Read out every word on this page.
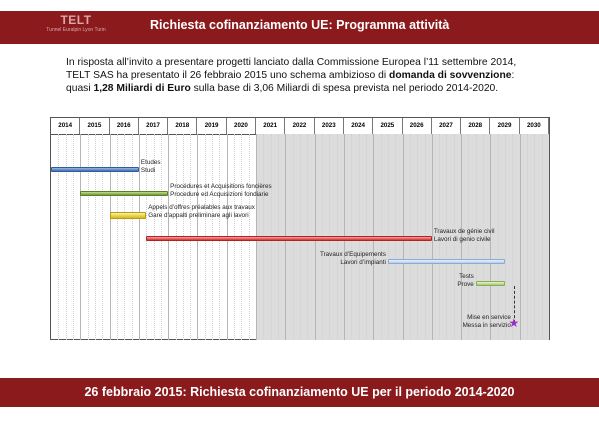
TELT
Tunnel Euralpin Lyon Turin	Richiesta cofinanziamento UE: Programma attività

In risposta all’invito a presentare progetti lanciato dalla Commissione Europea l’11 settembre 2014,

TELT SAS ha presentato il 26 febbraio 2015 uno schema ambizioso di domanda di sovvenzione:

quasi 1,28 Miliardi di Euro sulla base di 3,06 Miliardi di spesa prevista nel periodo 2014-2020.

2014	2015	2016	2017	2018	2019	2020	2021	2022	2023	2024	2025	2026	2027	2028	2029	2030
Etudes
Studi
Procédures et Acquisitions foncières
Procedure ed Acquisizioni fondiarie
Appels d’offres préalables aux travaux
Gare d’appalti preliminare agli lavori
Travaux de génie civil
Lavori di genio civile
Travaux d’Equipements
Lavori d’impianti
Tests
Prove
★
Mise en service
Messa in servizio
26 febbraio 2015: Richiesta cofinanziamento UE per il periodo 2014-2020
